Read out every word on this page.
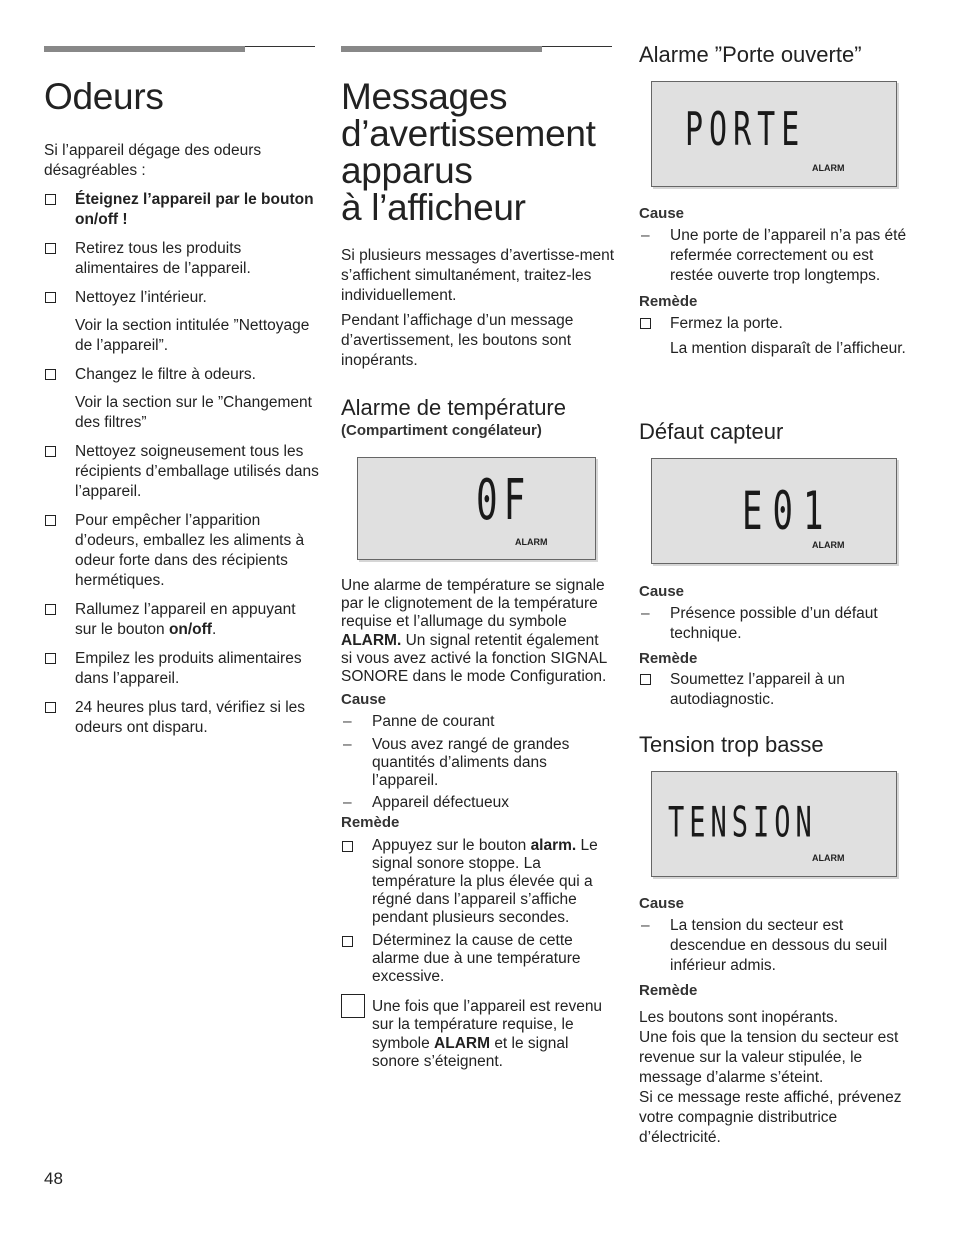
Odeurs

Si l’appareil dégage des odeurs désagréables :

Éteignez l’appareil par le bouton on/off !

Retirez tous les produits alimentaires de l’appareil.

Nettoyez l’intérieur.

Voir la section intitulée ”Nettoyage de l’appareil”.

Changez le filtre à odeurs.

Voir la section sur le ”Changement des filtres”

Nettoyez soigneusement tous les récipients d’emballage utilisés dans l’appareil.

Pour empêcher l’apparition d’odeurs, emballez les aliments à odeur forte dans des récipients hermétiques.

Rallumez l’appareil en appuyant sur le bouton on/off.

Empilez les produits alimentaires dans l’appareil.

24 heures plus tard, vérifiez si les odeurs ont disparu.

Messages
d’avertissement
apparus
à l’afficheur

Si plusieurs messages d’avertisse-ment s’affichent simultanément, traitez-les individuellement.

Pendant l’affichage d’un message d’avertissement, les boutons sont inopérants.

Alarme de température

(Compartiment congélateur)

0F
ALARM

Une alarme de température se signale par le clignotement de la température requise et l’allumage du symbole ALARM. Un signal retentit également si vous avez activé la fonction SIGNAL SONORE dans le mode Configuration.

Cause

– Panne de courant

– Vous avez rangé de grandes quantités d’aliments dans l’appareil.

– Appareil défectueux

Remède

Appuyez sur le bouton alarm. Le signal sonore stoppe. La température la plus élevée qui a régné dans l’appareil s’affiche pendant plusieurs secondes.

Déterminez la cause de cette alarme due à une température excessive.

Une fois que l’appareil est revenu sur la température requise, le symbole ALARM et le signal sonore s’éteignent.

Alarme ”Porte ouverte”
PORTE
ALARM

Cause

– Une porte de l’appareil n’a pas été refermée correctement ou est restée ouverte trop longtemps.

Remède

Fermez la porte.

La mention disparaît de l’afficheur.

Défaut capteur
E01
ALARM

Cause

– Présence possible d’un défaut technique.

Remède

Soumettez l’appareil à un autodiagnostic.

Tension trop basse
TENSION
ALARM

Cause

– La tension du secteur est descendue en dessous du seuil inférieur admis.

Remède

Les boutons sont inopérants.

Une fois que la tension du secteur est revenue sur la valeur stipulée, le message d’alarme s’éteint.

Si ce message reste affiché, prévenez votre compagnie distributrice d’électricité.

48
